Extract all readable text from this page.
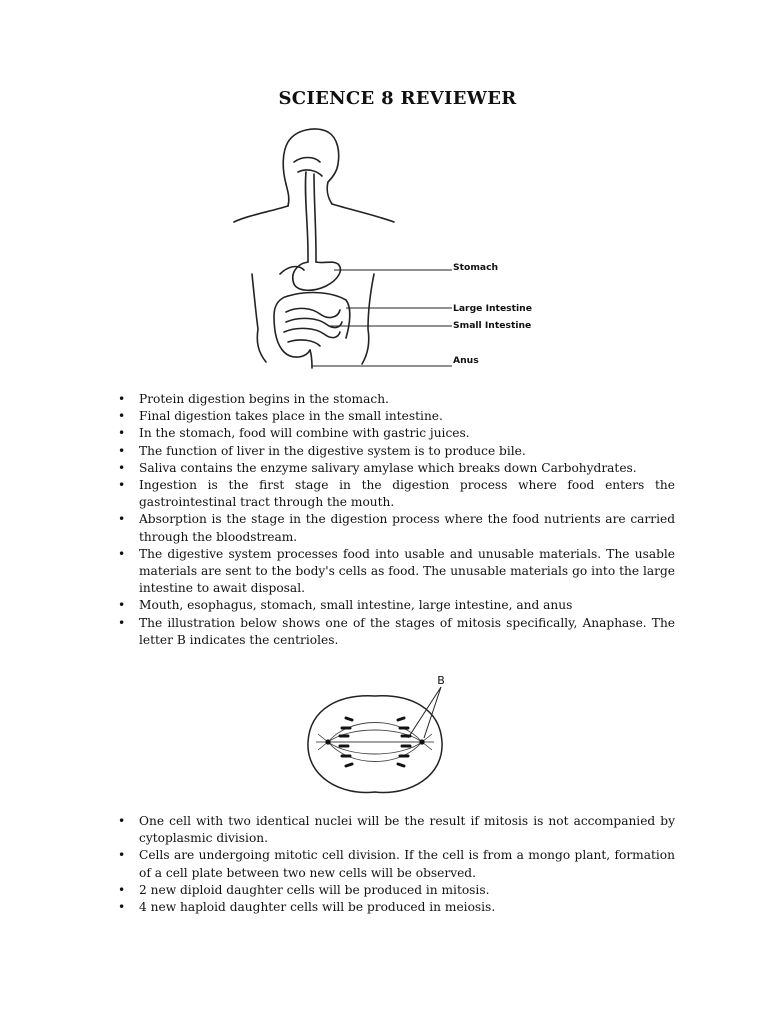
SCIENCE 8 REVIEWER
Stomach
Large Intestine
Small Intestine
Anus
• Protein digestion begins in the stomach.
• Final digestion takes place in the small intestine.
• In the stomach, food will combine with gastric juices.
• The function of liver in the digestive system is to produce bile.
• Saliva contains the enzyme salivary amylase which breaks down Carbohydrates.
• Ingestion is the first stage in the digestion process where food enters the gastrointestinal tract through the mouth.
• Absorption is the stage in the digestion process where the food nutrients are carried through the bloodstream.
• The digestive system processes food into usable and unusable materials. The usable materials are sent to the body's cells as food. The unusable materials go into the large intestine to await disposal.
• Mouth, esophagus, stomach, small intestine, large intestine, and anus
• The illustration below shows one of the stages of mitosis specifically, Anaphase. The letter B indicates the centrioles.
B
• One cell with two identical nuclei will be the result if mitosis is not accompanied by cytoplasmic division.
• Cells are undergoing mitotic cell division. If the cell is from a mongo plant, formation of a cell plate between two new cells will be observed.
• 2 new diploid daughter cells will be produced in mitosis.
• 4 new haploid daughter cells will be produced in meiosis.
